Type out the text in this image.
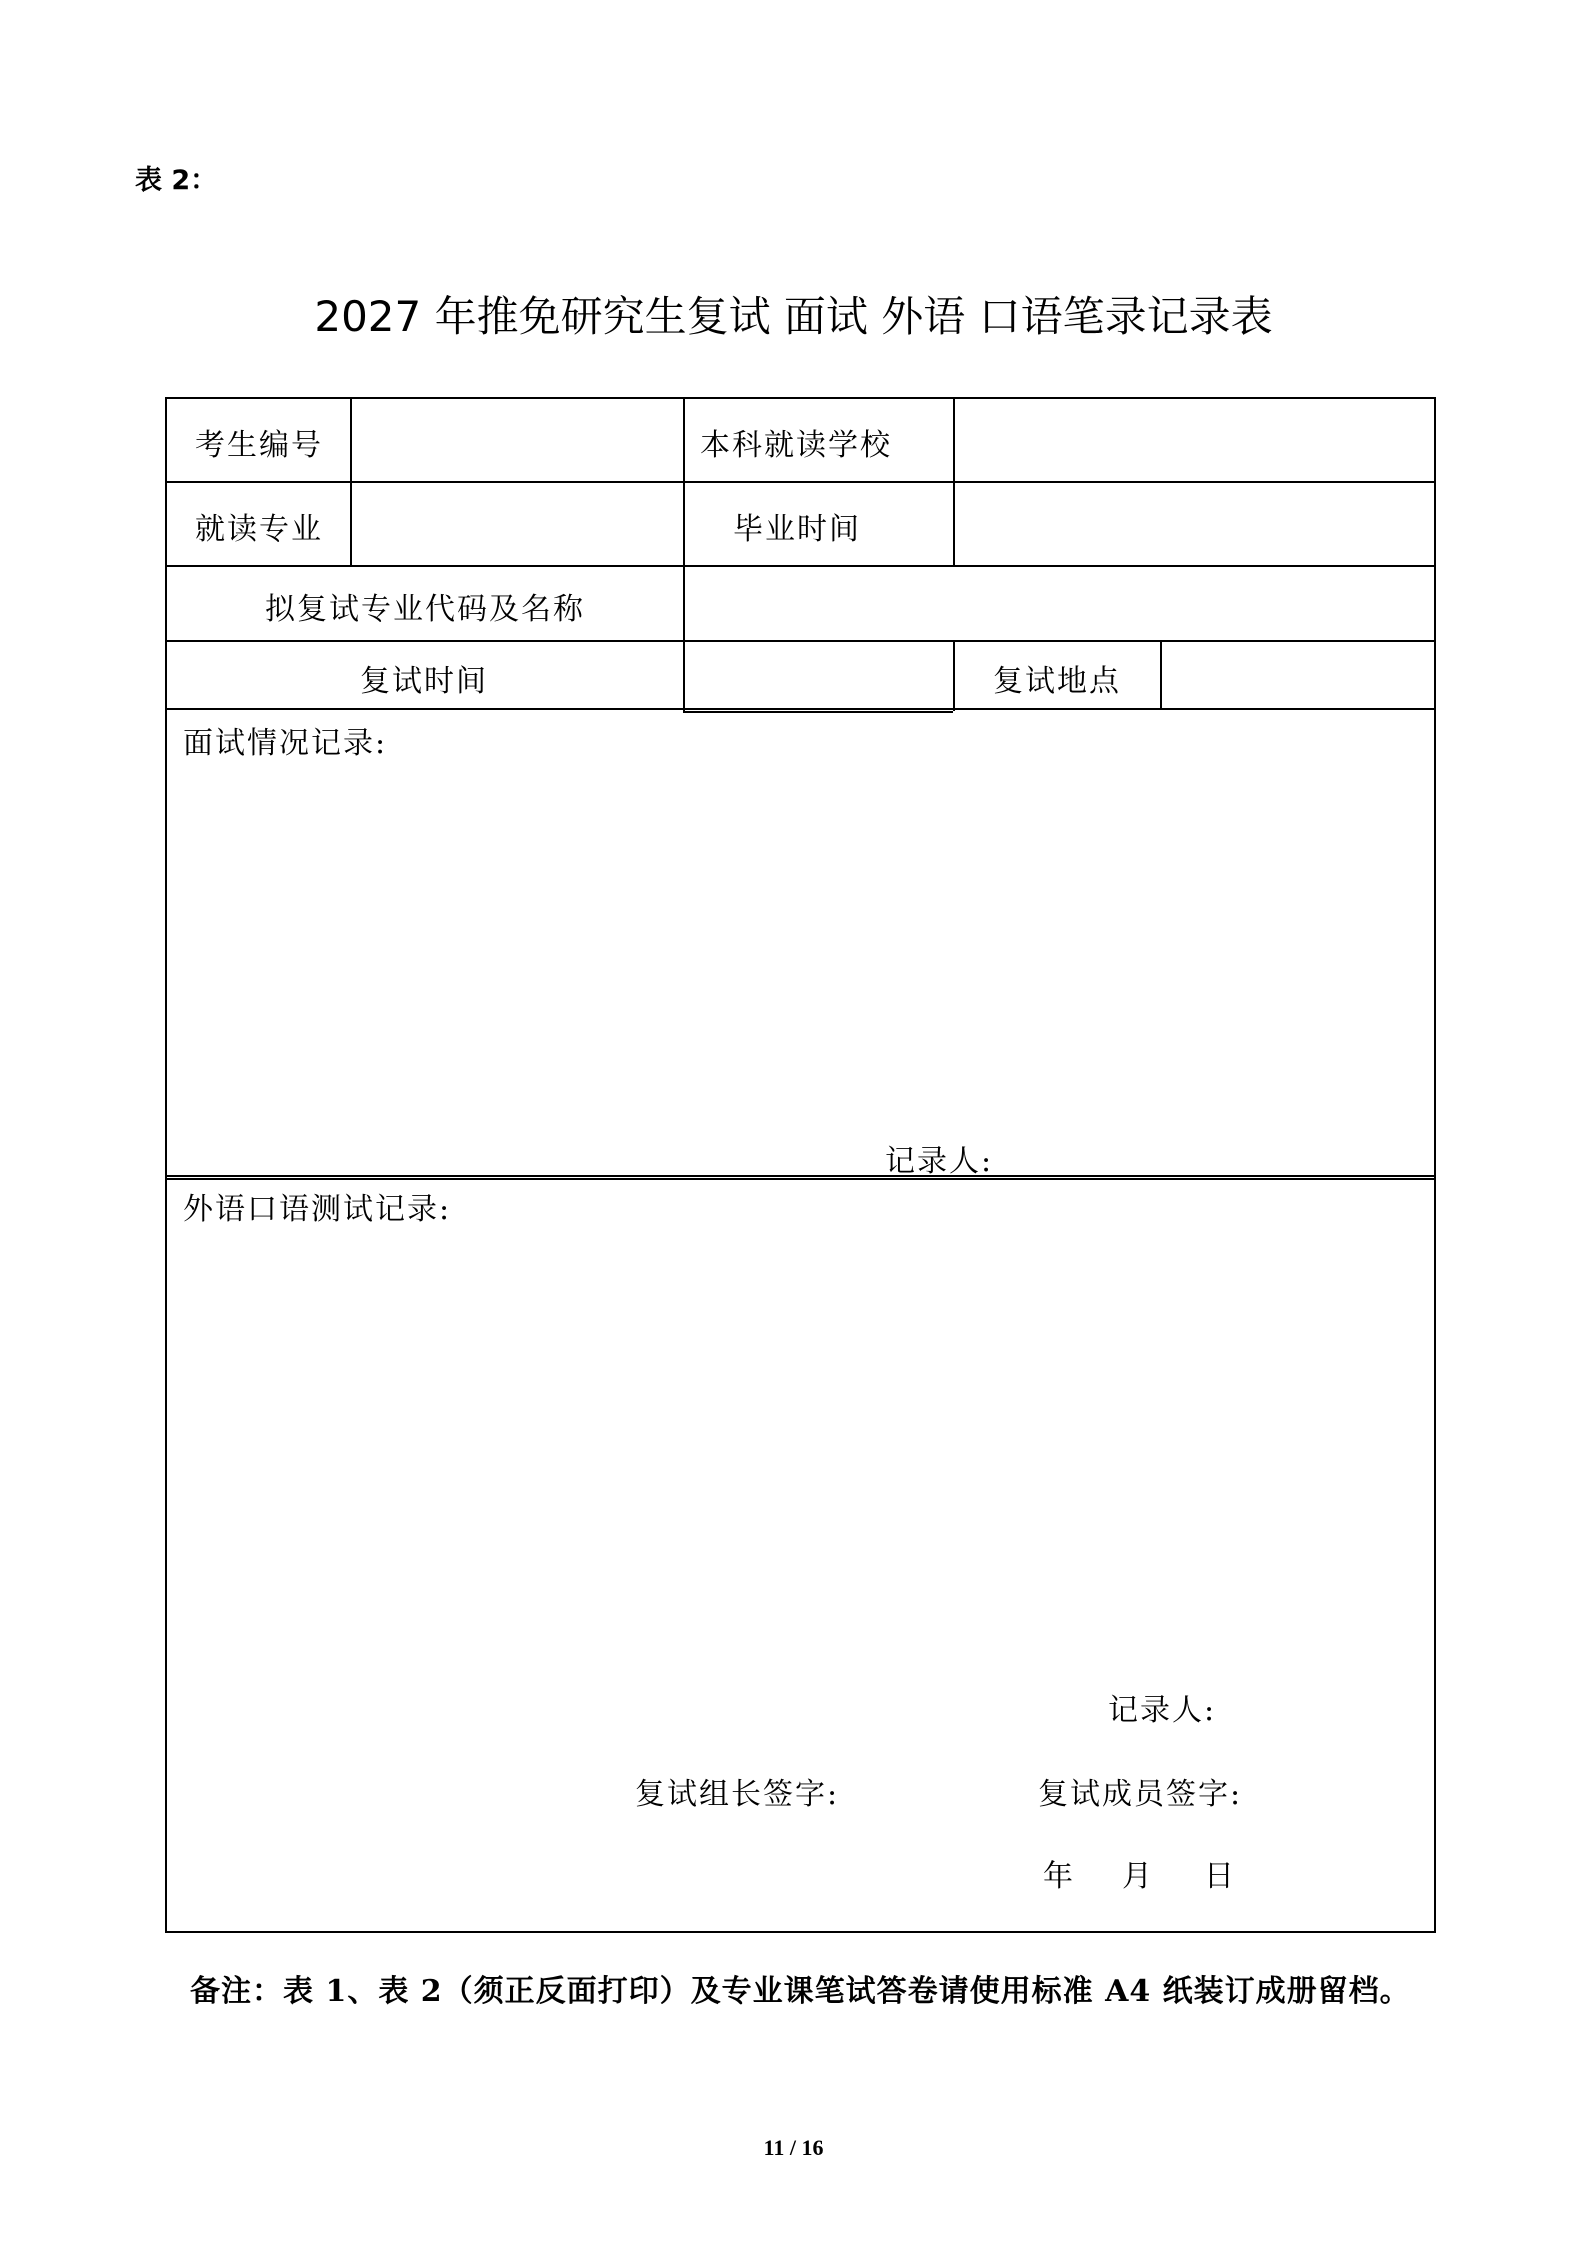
表 2：
2027 年推免研究生复试 面试 外语 口语笔录记录表
考生编号	本科就读学校
就读专业	毕业时间
拟复试专业代码及名称
复试时间	复试地点
面试情况记录:
记录人:
外语口语测试记录:
记录人:
复试组长签字:	复试成员签字:
年 月 日
备注：表 1、表 2（须正反面打印）及专业课笔试答卷请使用标准 A4 纸装订成册留档。
11 / 16
